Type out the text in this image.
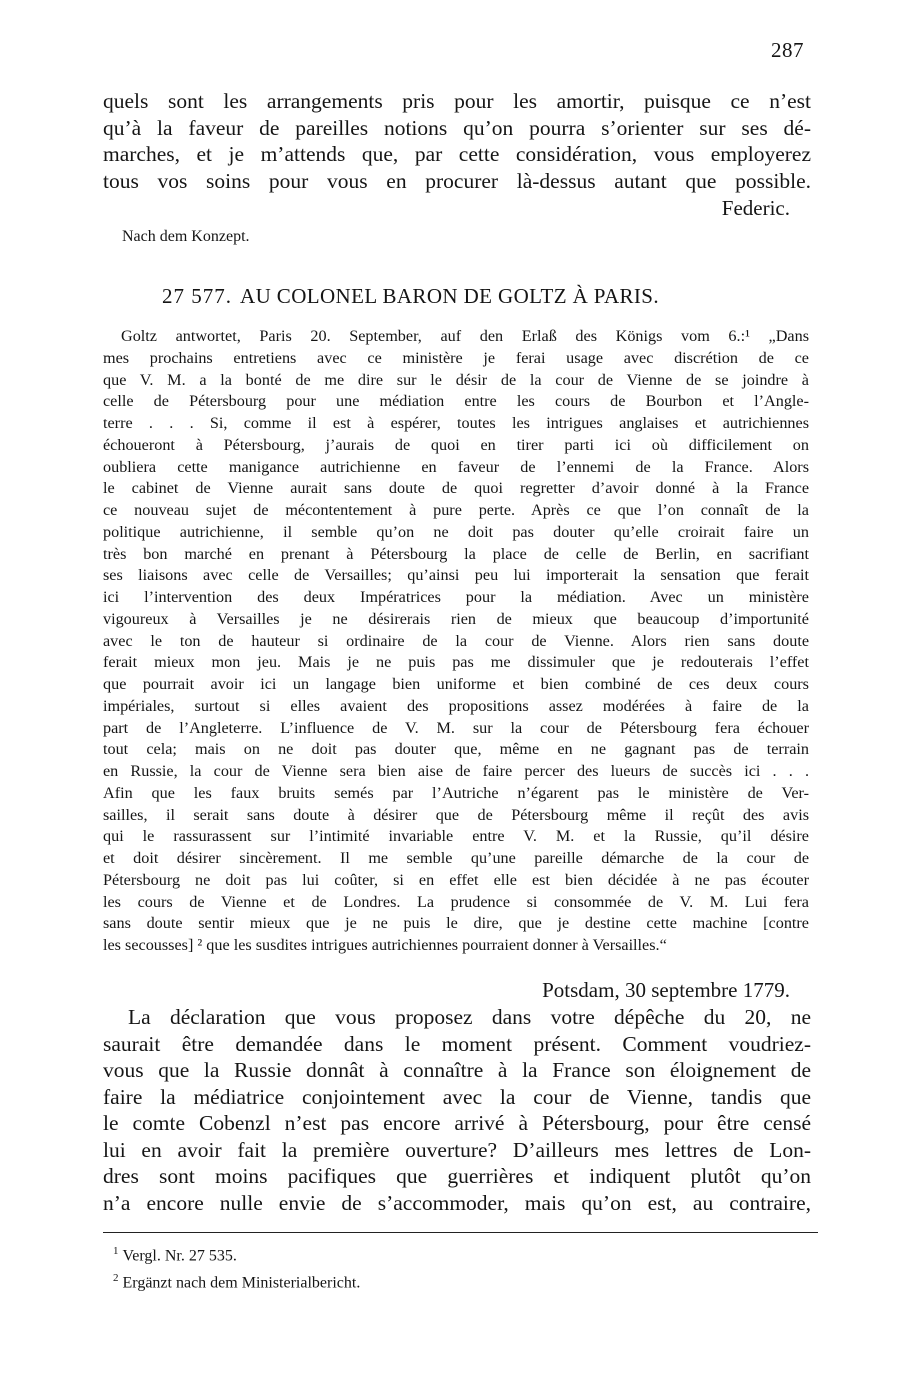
287

quels sont les arrangements pris pour les amortir, puisque ce n’est

qu’à la faveur de pareilles notions qu’on pourra s’orienter sur ses dé-

marches, et je m’attends que, par cette considération, vous employerez

tous vos soins pour vous en procurer là-dessus autant que possible.

Federic.
Nach dem Konzept.
27 577. AU COLONEL BARON DE GOLTZ À PARIS.

Goltz antwortet, Paris 20. September, auf den Erlaß des Königs vom 6.:¹ „Dans

mes prochains entretiens avec ce ministère je ferai usage avec discrétion de ce

que V. M. a la bonté de me dire sur le désir de la cour de Vienne de se joindre à

celle de Pétersbourg pour une médiation entre les cours de Bourbon et l’Angle-

terre . . . Si, comme il est à espérer, toutes les intrigues anglaises et autrichiennes

échoueront à Pétersbourg, j’aurais de quoi en tirer parti ici où difficilement on

oubliera cette manigance autrichienne en faveur de l’ennemi de la France. Alors

le cabinet de Vienne aurait sans doute de quoi regretter d’avoir donné à la France

ce nouveau sujet de mécontentement à pure perte. Après ce que l’on connaît de la

politique autrichienne, il semble qu’on ne doit pas douter qu’elle croirait faire un

très bon marché en prenant à Pétersbourg la place de celle de Berlin, en sacrifiant

ses liaisons avec celle de Versailles; qu’ainsi peu lui importerait la sensation que ferait

ici l’intervention des deux Impératrices pour la médiation. Avec un ministère

vigoureux à Versailles je ne désirerais rien de mieux que beaucoup d’importunité

avec le ton de hauteur si ordinaire de la cour de Vienne. Alors rien sans doute

ferait mieux mon jeu. Mais je ne puis pas me dissimuler que je redouterais l’effet

que pourrait avoir ici un langage bien uniforme et bien combiné de ces deux cours

impériales, surtout si elles avaient des propositions assez modérées à faire de la

part de l’Angleterre. L’influence de V. M. sur la cour de Pétersbourg fera échouer

tout cela; mais on ne doit pas douter que, même en ne gagnant pas de terrain

en Russie, la cour de Vienne sera bien aise de faire percer des lueurs de succès ici . . .

Afin que les faux bruits semés par l’Autriche n’égarent pas le ministère de Ver-

sailles, il serait sans doute à désirer que de Pétersbourg même il reçût des avis

qui le rassurassent sur l’intimité invariable entre V. M. et la Russie, qu’il désire

et doit désirer sincèrement. Il me semble qu’une pareille démarche de la cour de

Pétersbourg ne doit pas lui coûter, si en effet elle est bien décidée à ne pas écouter

les cours de Vienne et de Londres. La prudence si consommée de V. M. Lui fera

sans doute sentir mieux que je ne puis le dire, que je destine cette machine [contre

les secousses] ² que les susdites intrigues autrichiennes pourraient donner à Versailles.“

Potsdam, 30 septembre 1779.

La déclaration que vous proposez dans votre dépêche du 20, ne

saurait être demandée dans le moment présent. Comment voudriez-

vous que la Russie donnât à connaître à la France son éloignement de

faire la médiatrice conjointement avec la cour de Vienne, tandis que

le comte Cobenzl n’est pas encore arrivé à Pétersbourg, pour être censé

lui en avoir fait la première ouverture? D’ailleurs mes lettres de Lon-

dres sont moins pacifiques que guerrières et indiquent plutôt qu’on

n’a encore nulle envie de s’accommoder, mais qu’on est, au contraire,

$^1$ Vergl. Nr. 27 535.
$^2$ Ergänzt nach dem Ministerialbericht.
